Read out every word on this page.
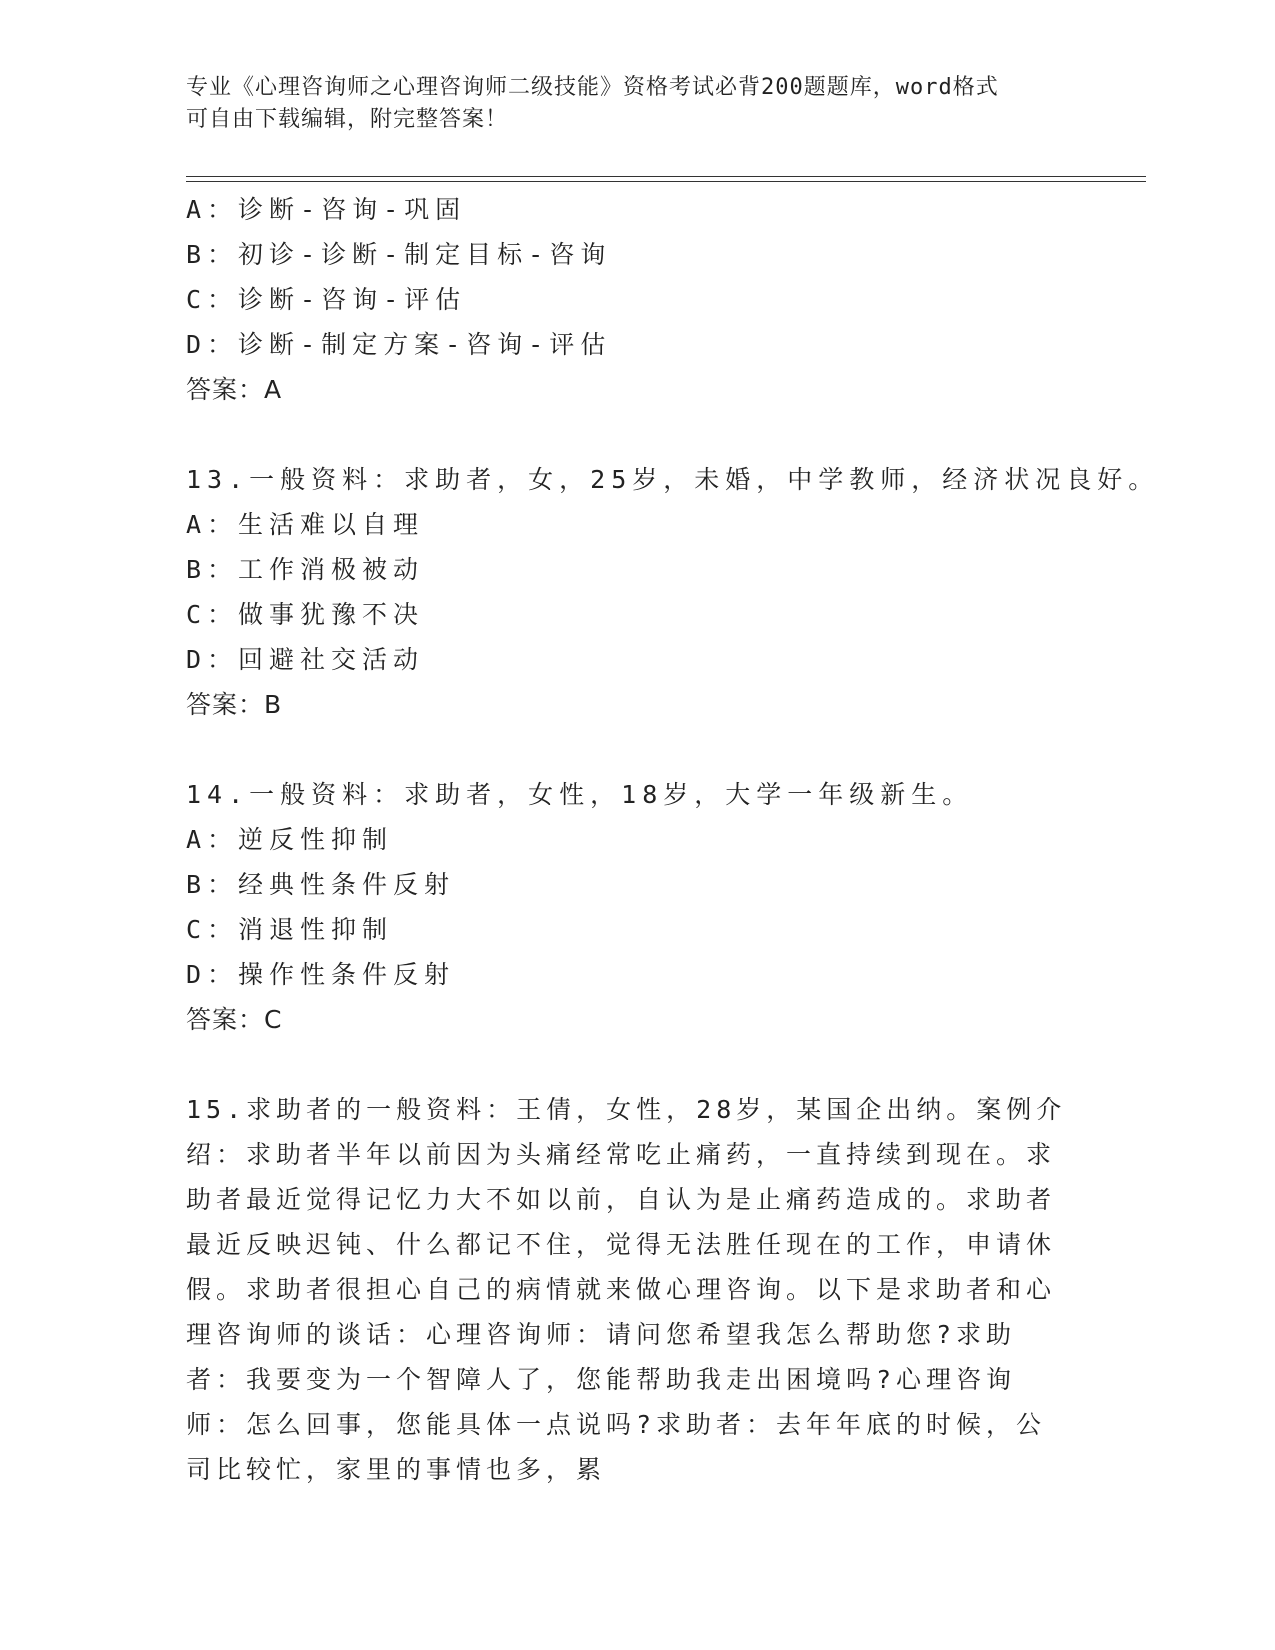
专业《心理咨询师之心理咨询师二级技能》资格考试必背200题题库，word格式
可自由下载编辑，附完整答案！
A：诊断-咨询-巩固
B：初诊-诊断-制定目标-咨询
C：诊断-咨询-评估
D：诊断-制定方案-咨询-评估
答案：A
13.一般资料：求助者，女，25岁，未婚，中学教师，经济状况良好。
A：生活难以自理
B：工作消极被动
C：做事犹豫不决
D：回避社交活动
答案：B
14.一般资料：求助者，女性，18岁，大学一年级新生。
A：逆反性抑制
B：经典性条件反射
C：消退性抑制
D：操作性条件反射
答案：C
15.求助者的一般资料：王倩，女性，28岁，某国企出纳。案例介绍：求助者半年以前因为头痛经常吃止痛药，一直持续到现在。求助者最近觉得记忆力大不如以前，自认为是止痛药造成的。求助者最近反映迟钝、什么都记不住，觉得无法胜任现在的工作，申请休假。求助者很担心自己的病情就来做心理咨询。以下是求助者和心理咨询师的谈话：心理咨询师：请问您希望我怎么帮助您?求助者：我要变为一个智障人了，您能帮助我走出困境吗?心理咨询师：怎么回事，您能具体一点说吗?求助者：去年年底的时候，公司比较忙，家里的事情也多，累
